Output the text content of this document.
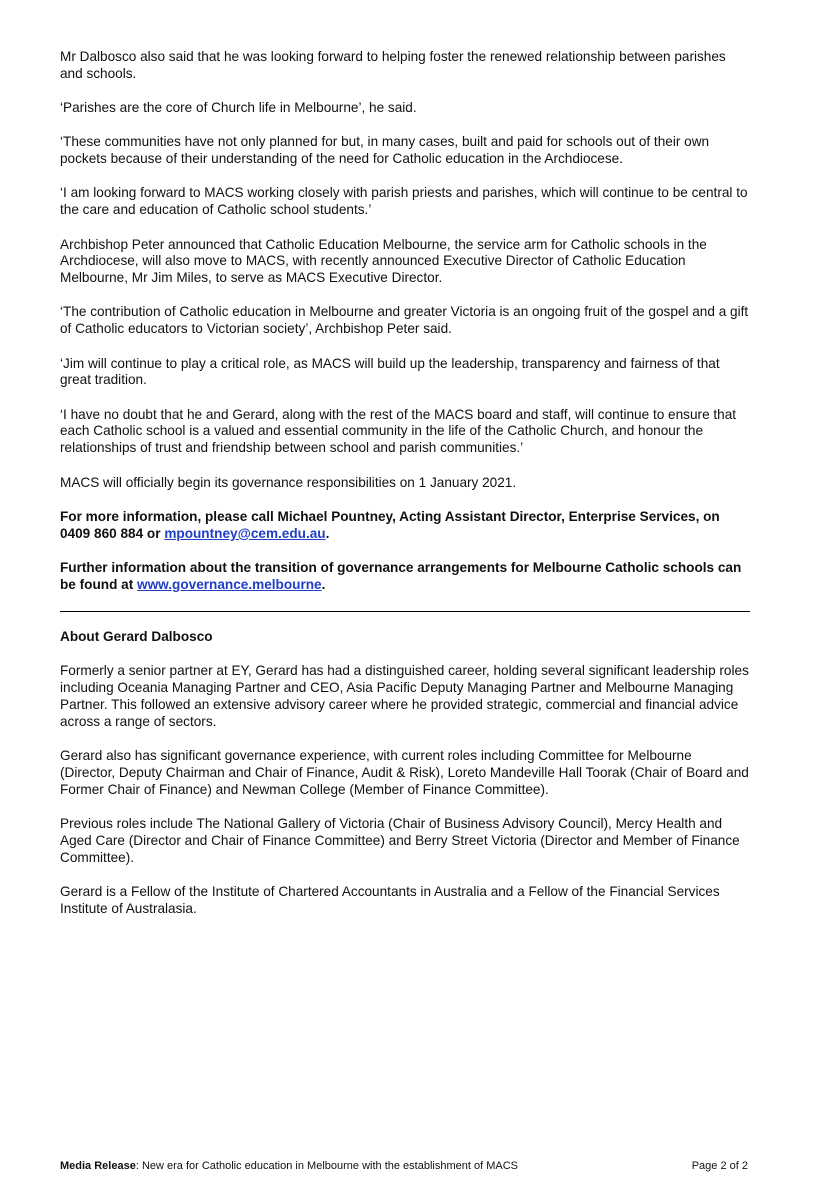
Mr Dalbosco also said that he was looking forward to helping foster the renewed relationship between parishes and schools.

‘Parishes are the core of Church life in Melbourne’, he said.

‘These communities have not only planned for but, in many cases, built and paid for schools out of their own pockets because of their understanding of the need for Catholic education in the Archdiocese.

‘I am looking forward to MACS working closely with parish priests and parishes, which will continue to be central to the care and education of Catholic school students.’

Archbishop Peter announced that Catholic Education Melbourne, the service arm for Catholic schools in the Archdiocese, will also move to MACS, with recently announced Executive Director of Catholic Education Melbourne, Mr Jim Miles, to serve as MACS Executive Director.

‘The contribution of Catholic education in Melbourne and greater Victoria is an ongoing fruit of the gospel and a gift of Catholic educators to Victorian society’, Archbishop Peter said.

‘Jim will continue to play a critical role, as MACS will build up the leadership, transparency and fairness of that great tradition.

‘I have no doubt that he and Gerard, along with the rest of the MACS board and staff, will continue to ensure that each Catholic school is a valued and essential community in the life of the Catholic Church, and honour the relationships of trust and friendship between school and parish communities.’

MACS will officially begin its governance responsibilities on 1 January 2021.

For more information, please call Michael Pountney, Acting Assistant Director, Enterprise Services, on 0409 860 884 or mpountney@cem.edu.au.

Further information about the transition of governance arrangements for Melbourne Catholic schools can be found at www.governance.melbourne.

About Gerard Dalbosco

Formerly a senior partner at EY, Gerard has had a distinguished career, holding several significant leadership roles including Oceania Managing Partner and CEO, Asia Pacific Deputy Managing Partner and Melbourne Managing Partner. This followed an extensive advisory career where he provided strategic, commercial and financial advice across a range of sectors.

Gerard also has significant governance experience, with current roles including Committee for Melbourne (Director, Deputy Chairman and Chair of Finance, Audit & Risk), Loreto Mandeville Hall Toorak (Chair of Board and Former Chair of Finance) and Newman College (Member of Finance Committee).

Previous roles include The National Gallery of Victoria (Chair of Business Advisory Council), Mercy Health and Aged Care (Director and Chair of Finance Committee) and Berry Street Victoria (Director and Member of Finance Committee).

Gerard is a Fellow of the Institute of Chartered Accountants in Australia and a Fellow of the Financial Services Institute of Australasia.

Media Release: New era for Catholic education in Melbourne with the establishment of MACS	Page 2 of 2
